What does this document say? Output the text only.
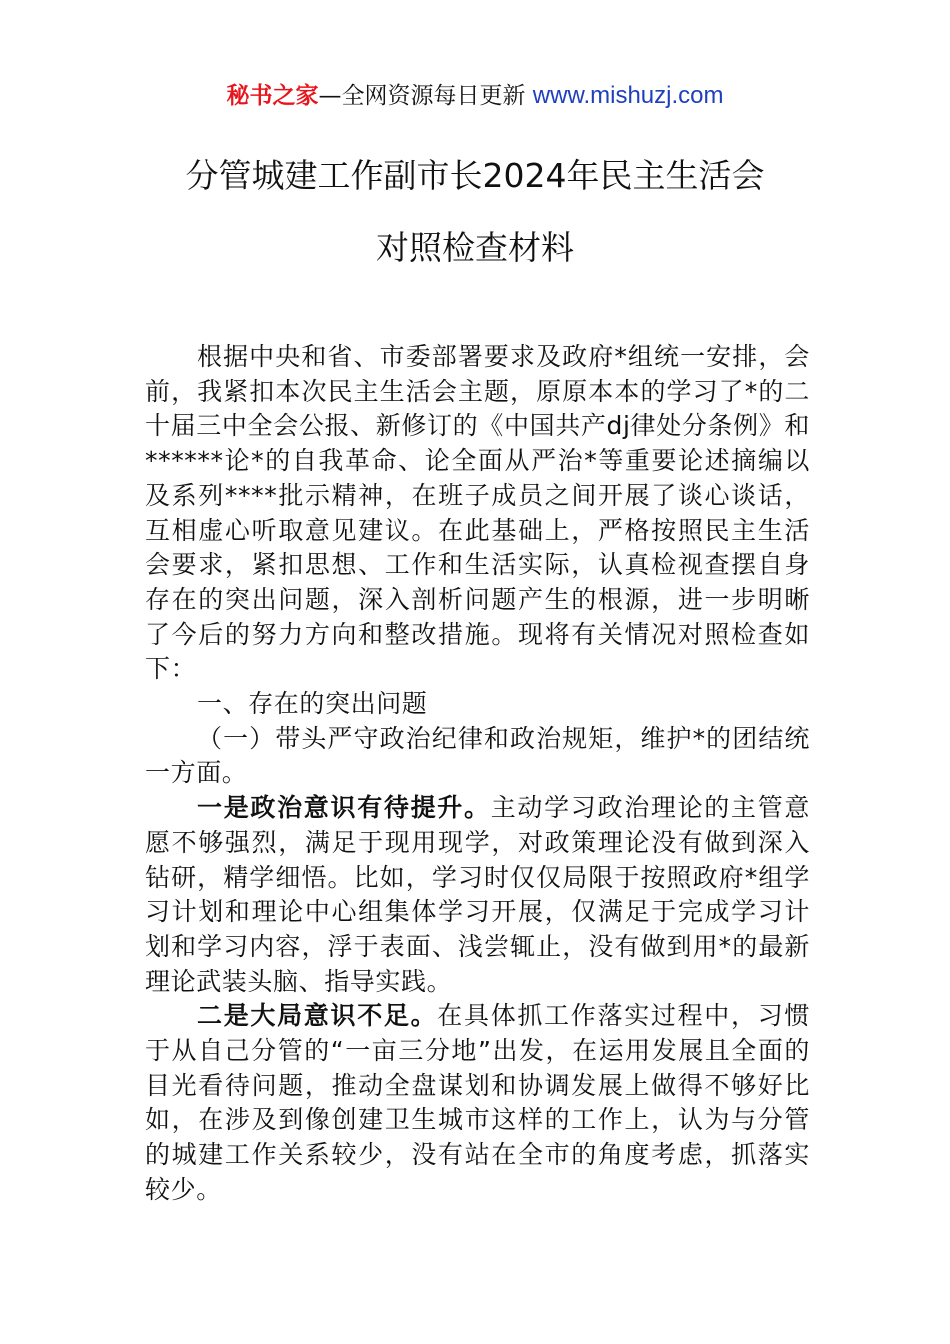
秘书之家—全网资源每日更新 www.mishuzj.com
分管城建工作副市长2024年民主生活会
对照检查材料

根据中央和省、市委部署要求及政府*组统一安排，会前，我紧扣本次民主生活会主题，原原本本的学习了*的二十届三中全会公报、新修订的《中国共产dj律处分条例》和******论*的自我革命、论全面从严治*等重要论述摘编以及系列****批示精神，在班子成员之间开展了谈心谈话，互相虚心听取意见建议。在此基础上，严格按照民主生活会要求，紧扣思想、工作和生活实际，认真检视查摆自身存在的突出问题，深入剖析问题产生的根源，进一步明晰了今后的努力方向和整改措施。现将有关情况对照检查如下：

一、存在的突出问题

（一）带头严守政治纪律和政治规矩，维护*的团结统一方面。

一是政治意识有待提升。主动学习政治理论的主管意愿不够强烈，满足于现用现学，对政策理论没有做到深入钻研，精学细悟。比如，学习时仅仅局限于按照政府*组学习计划和理论中心组集体学习开展，仅满足于完成学习计划和学习内容，浮于表面、浅尝辄止，没有做到用*的最新理论武装头脑、指导实践。

二是大局意识不足。在具体抓工作落实过程中，习惯于从自己分管的“一亩三分地”出发，在运用发展且全面的目光看待问题，推动全盘谋划和协调发展上做得不够好比如，在涉及到像创建卫生城市这样的工作上，认为与分管的城建工作关系较少，没有站在全市的角度考虑，抓落实较少。
